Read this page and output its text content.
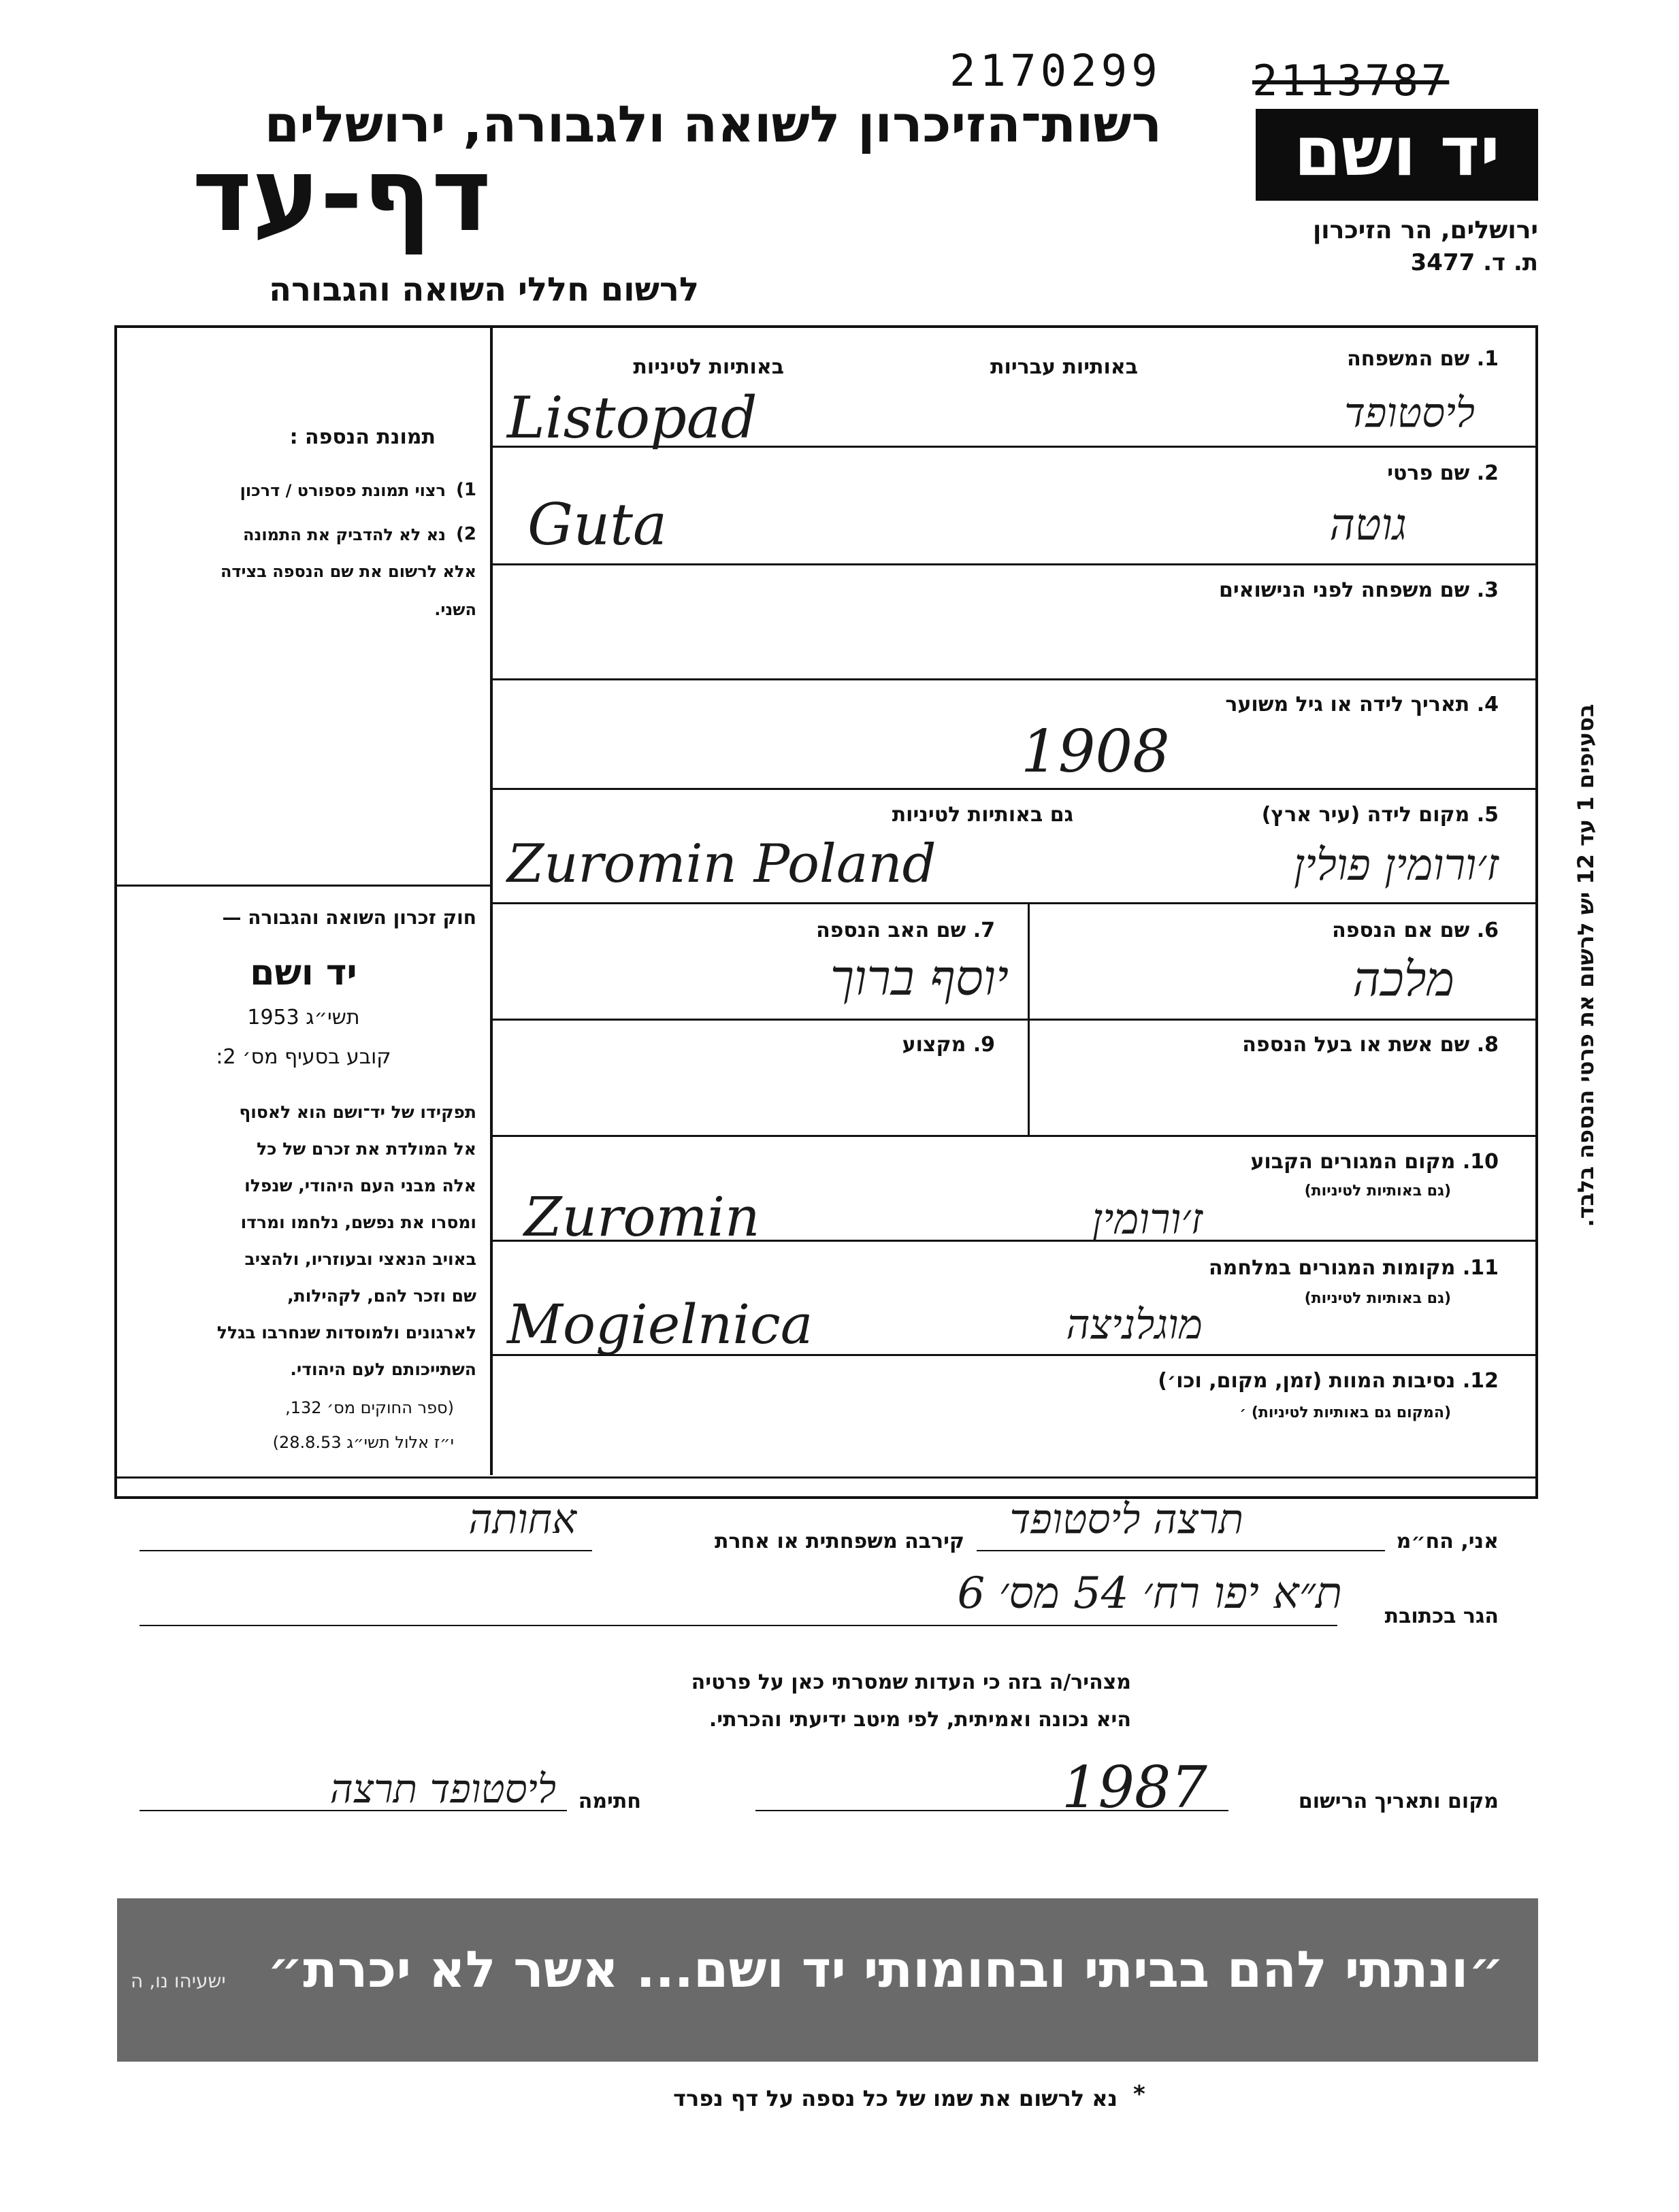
2170299 2113787
רשות־הזיכרון לשואה ולגבורה, ירושלים
דף-עד
לרשום חללי השואה והגבורה
יד ושם
ירושלים, הר הזיכרון
ת. ד. 3477
תמונת הנספה :
1)
רצוי תמונת פספורט / דרכון
2)
נא לא להדביק את התמונה
אלא לרשום את שם הנספה בצידה
השני.
חוק זכרון השואה והגבורה —
יד ושם
תשי״ג 1953
קובע בסעיף מס׳ 2:
תפקידו של יד־ושם הוא לאסוף
אל המולדת את זכרם של כל
אלה מבני העם היהודי, שנפלו
ומסרו את נפשם, נלחמו ומרדו
באויב הנאצי ובעוזריו, ולהציב
שם וזכר להם, לקהילות,
לארגונים ולמוסדות שנחרבו בגלל
השתייכותם לעם היהודי.
(ספר החוקים מס׳ 132,
י״ז אלול תשי״ג 28.8.53)
בסעיפים 1 עד 12 יש לרשום את פרטי הנספה בלבד.
1. שם המשפחה
באותיות עבריות
באותיות לטיניות
ליסטופד
Listopad
2. שם פרטי
גוטה
Guta
3. שם משפחה לפני הנישואים
4. תאריך לידה או גיל משוער
1908
5. מקום לידה (עיר ארץ)
גם באותיות לטיניות
ז׳ורומין פולין
Zuromin Poland
6. שם אם הנספה
מלכה
7. שם האב הנספה
יוסף ברוך
8. שם אשת או בעל הנספה
9. מקצוע
10. מקום המגורים הקבוע
(גם באותיות לטיניות)
ז׳ורומין
Zuromin
11. מקומות המגורים במלחמה
(גם באותיות לטיניות)
מוגלניצה
Mogielnica
12. נסיבות המוות (זמן, מקום, וכו׳)
(המקום גם באותיות לטיניות) ׳
אני, הח״מ
תרצה ליסטופד
קירבה משפחתית או אחרת
אחותה
הגר בכתובת
ת״א יפו רח׳ 54 מס׳ 6
מצהיר/ה בזה כי העדות שמסרתי כאן על פרטיה
היא נכונה ואמיתית, לפי מיטב ידיעתי והכרתי.
מקום ותאריך הרישום
1987
חתימה
ליסטופד תרצה
״ונתתי להם בביתי ובחומותי יד ושם... אשר לא יכרת״
ישעיהו נו, ה
*
נא לרשום את שמו של כל נספה על דף נפרד
